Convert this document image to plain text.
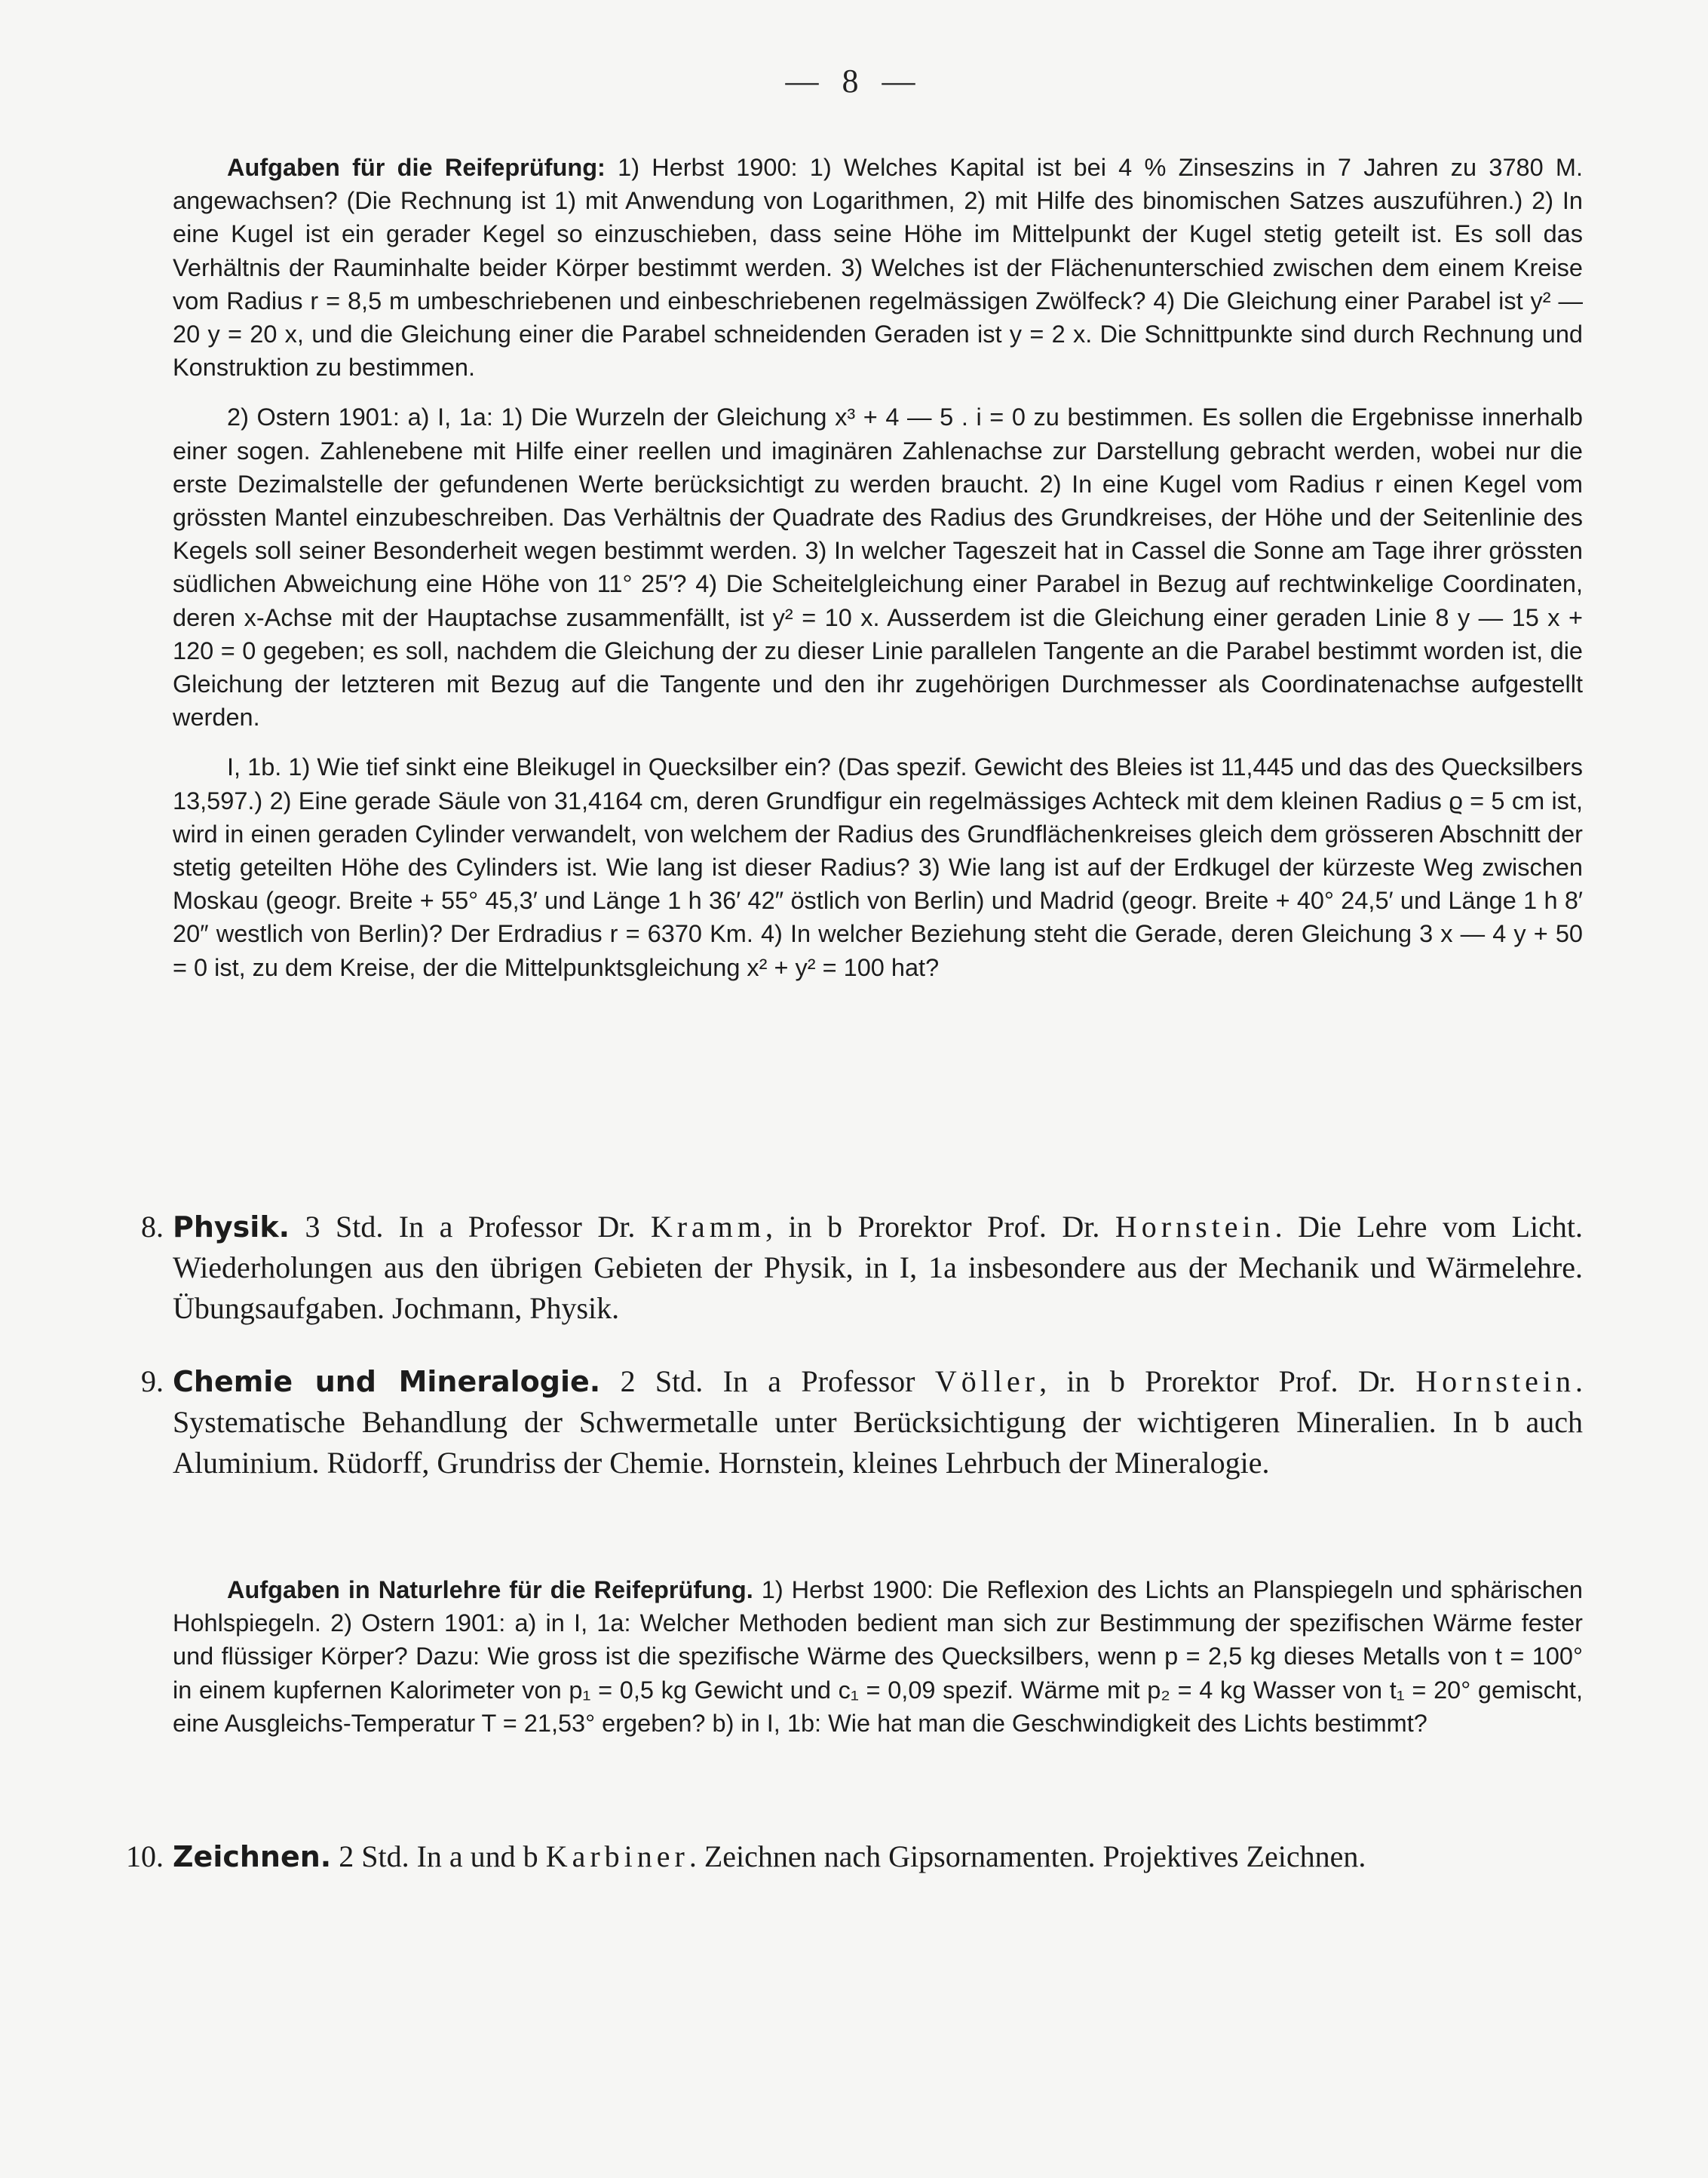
— 8 —

Aufgaben für die Reifeprüfung: 1) Herbst 1900: 1) Welches Kapital ist bei 4 % Zinseszins in 7 Jahren zu 3780 M. angewachsen? (Die Rechnung ist 1) mit Anwendung von Logarithmen, 2) mit Hilfe des binomischen Satzes auszuführen.) 2) In eine Kugel ist ein gerader Kegel so einzuschieben, dass seine Höhe im Mittelpunkt der Kugel stetig geteilt ist. Es soll das Verhältnis der Rauminhalte beider Körper bestimmt werden. 3) Welches ist der Flächenunterschied zwischen dem einem Kreise vom Radius r = 8,5 m umbeschriebenen und einbeschriebenen regelmässigen Zwölfeck? 4) Die Gleichung einer Parabel ist y² — 20 y = 20 x, und die Gleichung einer die Parabel schneidenden Geraden ist y = 2 x. Die Schnittpunkte sind durch Rechnung und Konstruktion zu bestimmen.

2) Ostern 1901: a) I, 1a: 1) Die Wurzeln der Gleichung x³ + 4 — 5 . i = 0 zu bestimmen. Es sollen die Ergebnisse innerhalb einer sogen. Zahlenebene mit Hilfe einer reellen und imaginären Zahlenachse zur Darstellung gebracht werden, wobei nur die erste Dezimalstelle der gefundenen Werte berücksichtigt zu werden braucht. 2) In eine Kugel vom Radius r einen Kegel vom grössten Mantel einzubeschreiben. Das Verhältnis der Quadrate des Radius des Grundkreises, der Höhe und der Seitenlinie des Kegels soll seiner Besonderheit wegen bestimmt werden. 3) In welcher Tageszeit hat in Cassel die Sonne am Tage ihrer grössten südlichen Abweichung eine Höhe von 11° 25′? 4) Die Scheitelgleichung einer Parabel in Bezug auf rechtwinkelige Coordinaten, deren x-Achse mit der Hauptachse zusammenfällt, ist y² = 10 x. Ausserdem ist die Gleichung einer geraden Linie 8 y — 15 x + 120 = 0 gegeben; es soll, nachdem die Gleichung der zu dieser Linie parallelen Tangente an die Parabel bestimmt worden ist, die Gleichung der letzteren mit Bezug auf die Tangente und den ihr zugehörigen Durchmesser als Coordinatenachse aufgestellt werden.

I, 1b. 1) Wie tief sinkt eine Bleikugel in Quecksilber ein? (Das spezif. Gewicht des Bleies ist 11,445 und das des Quecksilbers 13,597.) 2) Eine gerade Säule von 31,4164 cm, deren Grundfigur ein regelmässiges Achteck mit dem kleinen Radius ϱ = 5 cm ist, wird in einen geraden Cylinder verwandelt, von welchem der Radius des Grundflächenkreises gleich dem grösseren Abschnitt der stetig geteilten Höhe des Cylinders ist. Wie lang ist dieser Radius? 3) Wie lang ist auf der Erdkugel der kürzeste Weg zwischen Moskau (geogr. Breite + 55° 45,3′ und Länge 1 h 36′ 42″ östlich von Berlin) und Madrid (geogr. Breite + 40° 24,5′ und Länge 1 h 8′ 20″ westlich von Berlin)? Der Erdradius r = 6370 Km. 4) In welcher Beziehung steht die Gerade, deren Gleichung 3 x — 4 y + 50 = 0 ist, zu dem Kreise, der die Mittelpunktsgleichung x² + y² = 100 hat?

8. Physik. 3 Std. In a Professor Dr. Kramm, in b Prorektor Prof. Dr. Hornstein. Die Lehre vom Licht. Wiederholungen aus den übrigen Gebieten der Physik, in I, 1a insbesondere aus der Mechanik und Wärmelehre. Übungsaufgaben. Jochmann, Physik.
9. Chemie und Mineralogie. 2 Std. In a Professor Völler, in b Prorektor Prof. Dr. Hornstein. Systematische Behandlung der Schwermetalle unter Berücksichtigung der wichtigeren Mineralien. In b auch Aluminium. Rüdorff, Grundriss der Chemie. Hornstein, kleines Lehrbuch der Mineralogie.

Aufgaben in Naturlehre für die Reifeprüfung. 1) Herbst 1900: Die Reflexion des Lichts an Planspiegeln und sphärischen Hohlspiegeln. 2) Ostern 1901: a) in I, 1a: Welcher Methoden bedient man sich zur Bestimmung der spezifischen Wärme fester und flüssiger Körper? Dazu: Wie gross ist die spezifische Wärme des Quecksilbers, wenn p = 2,5 kg dieses Metalls von t = 100° in einem kupfernen Kalorimeter von p₁ = 0,5 kg Gewicht und c₁ = 0,09 spezif. Wärme mit p₂ = 4 kg Wasser von t₁ = 20° gemischt, eine Ausgleichs-Temperatur T = 21,53° ergeben? b) in I, 1b: Wie hat man die Geschwindigkeit des Lichts bestimmt?

10. Zeichnen. 2 Std. In a und b Karbiner. Zeichnen nach Gipsornamenten. Projektives Zeichnen.
